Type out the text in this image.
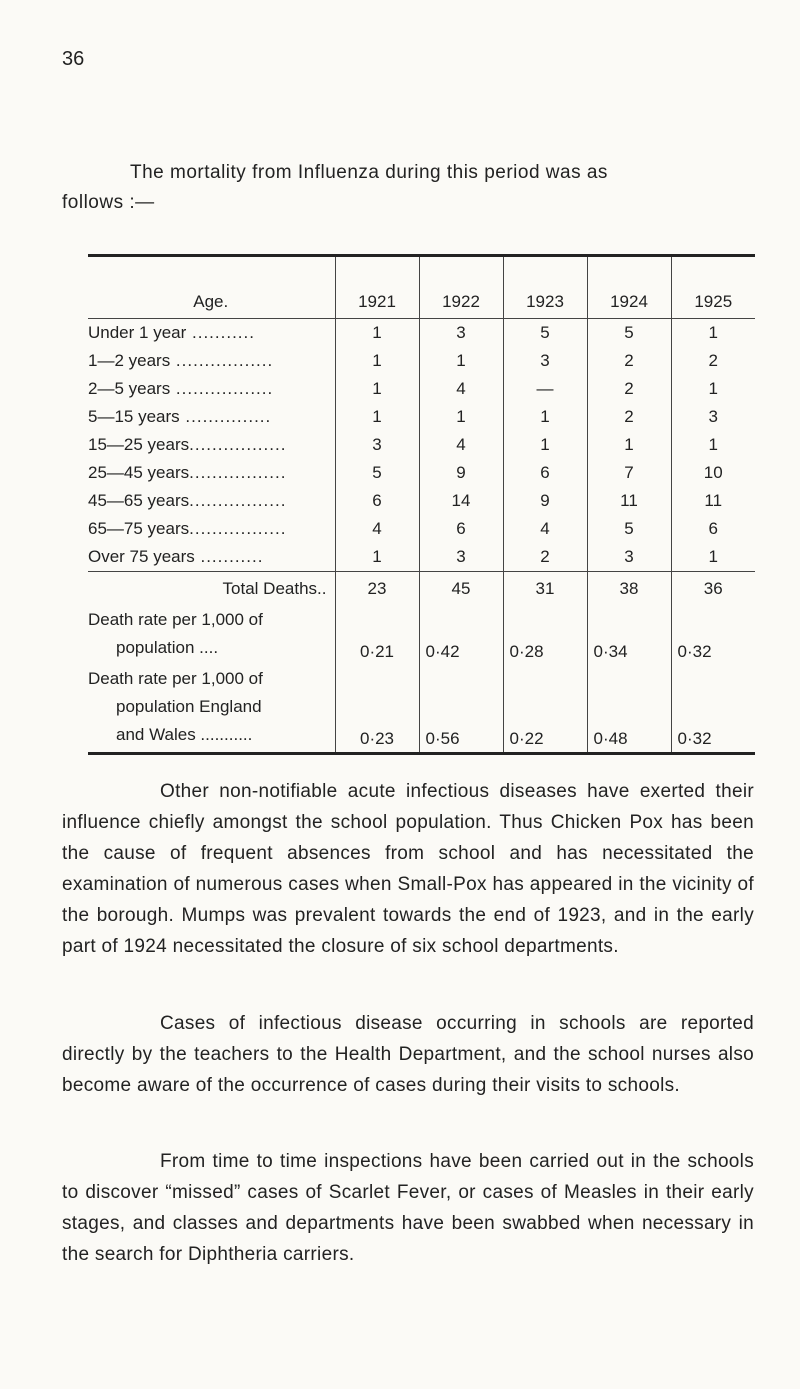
36
The mortality from Influenza during this period was as
follows :—
Age.	1921	1922	1923	1924	1925
Under 1 year ...........	1	3	5	5	1
1—2 years .................	1	1	3	2	2
2—5 years .................	1	4	—	2	1
5—15 years ...............	1	1	1	2	3
15—25 years.................	3	4	1	1	1
25—45 years.................	5	9	6	7	10
45—65 years.................	6	14	9	11	11
65—75 years.................	4	6	4	5	6
Over 75 years ...........	1	3	2	3	1
Total Deaths..	23	45	31	38	36

Death rate per 1,000 of
population ....	0·21	0·42	0·28	0·34	0·32

Death rate per 1,000 of
population England
and Wales ...........	0·23	0·56	0·22	0·48	0·32

Other non-notifiable acute infectious diseases have exerted their influence chiefly amongst the school population. Thus Chicken Pox has been the cause of frequent absences from school and has necessitated the examination of numerous cases when Small-Pox has appeared in the vicinity of the borough. Mumps was prevalent towards the end of 1923, and in the early part of 1924 necessitated the closure of six school departments.

Cases of infectious disease occurring in schools are reported directly by the teachers to the Health Department, and the school nurses also become aware of the occurrence of cases during their visits to schools.

From time to time inspections have been carried out in the schools to discover “missed” cases of Scarlet Fever, or cases of Measles in their early stages, and classes and departments have been swabbed when necessary in the search for Diphtheria carriers.
